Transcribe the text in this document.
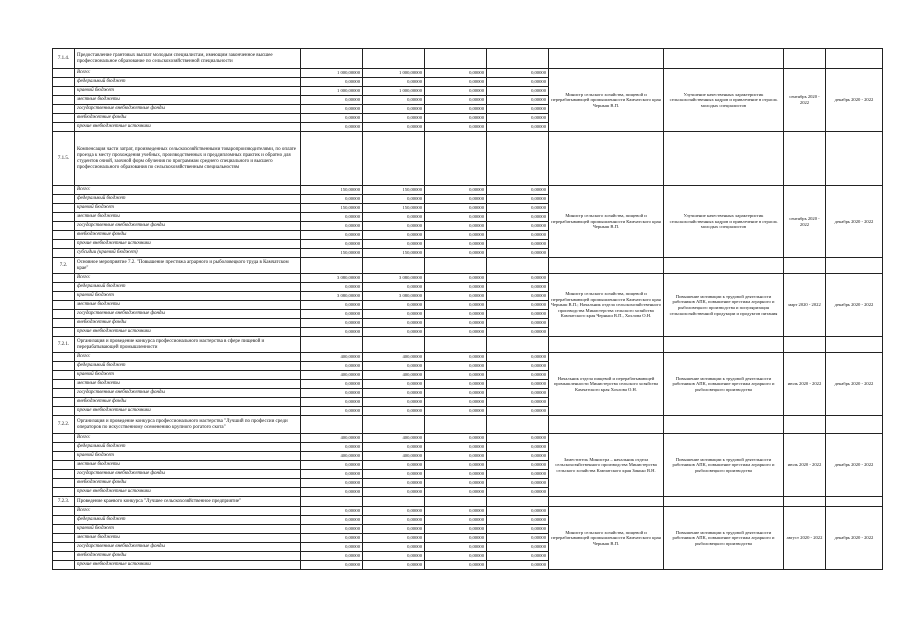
7.1.4.	Предоставление грантовых выплат молодым специалистам, имеющим законченное высшее профессиональное образование по сельскохозяйственной специальности								
	Всего:	1 000,00000	1 000,00000	0,00000	0,00000	Министр сельского хозяйства, пищевой и перерабатывающей промышленности Камчатского края Черныш В.П.	Улучшение качественных характеристик сельскохозяйственных кадров и привлечение в отрасль молодых специалистов	сентябрь 2020 - 2022	декабрь 2020 - 2022
	федеральный бюджет	0,00000	0,00000	0,00000	0,00000				
	краевой бюджет	1 000,00000	1 000,00000	0,00000	0,00000				
	местные бюджеты	0,00000	0,00000	0,00000	0,00000				
	государственные внебюджетные фонды	0,00000	0,00000	0,00000	0,00000				
	внебюджетные фонды	0,00000	0,00000	0,00000	0,00000				
	прочие внебюджетные источники	0,00000	0,00000	0,00000	0,00000				
7.1.5.	Компенсация части затрат, произведенных сельскохозяйственными товаропроизводителями, по оплате проезда к месту прохождения учебных, производственных и преддипломных практик и обратно для студентов очной, заочной форм обучения по программам среднего специального и высшего профессионального образования по сельскохозяйственным специальностям								
	Всего:	150,00000	150,00000	0,00000	0,00000	Министр сельского хозяйства, пищевой и перерабатывающей промышленности Камчатского края Черныш В.П.	Улучшение качественных характеристик сельскохозяйственных кадров и привлечение в отрасль молодых специалистов	сентябрь 2020 - 2022	декабрь 2020 - 2022
	федеральный бюджет	0,00000	0,00000	0,00000	0,00000				
	краевой бюджет	150,00000	150,00000	0,00000	0,00000				
	местные бюджеты	0,00000	0,00000	0,00000	0,00000				
	государственные внебюджетные фонды	0,00000	0,00000	0,00000	0,00000				
	внебюджетные фонды	0,00000	0,00000	0,00000	0,00000				
	прочие внебюджетные источники	0,00000	0,00000	0,00000	0,00000				
	субсидии (краевой бюджет)	150,00000	150,00000	0,00000	0,00000				
7.2.	Основное мероприятие 7.2. "Повышение престижа аграрного и рыболовецкого труда в Камчатском крае"								
	Всего:	3 080,00000	3 080,00000	0,00000	0,00000	Министр сельского хозяйства, пищевой и перерабатывающей промышленности Камчатского края Черныш В.П.; Начальник отдела сельскохозяйственного производства Министерства сельского хозяйства Камчатского края Черныш В.П., Хохлова О.Н.	Повышение мотивации к трудовой деятельности работников АПК, повышение престижа аграрного и рыболовецкого производства и популяризация сельскохозяйственной продукции и продуктов питания	март 2020 - 2022	декабрь 2020 - 2022
	федеральный бюджет	0,00000	0,00000	0,00000	0,00000				
	краевой бюджет	3 080,00000	3 080,00000	0,00000	0,00000				
	местные бюджеты	0,00000	0,00000	0,00000	0,00000				
	государственные внебюджетные фонды	0,00000	0,00000	0,00000	0,00000				
	внебюджетные фонды	0,00000	0,00000	0,00000	0,00000				
	прочие внебюджетные источники	0,00000	0,00000	0,00000	0,00000				
7.2.1.	Организация и проведение конкурса профессионального мастерства в сфере пищевой и перерабатывающей промышленности								
	Всего:	400,00000	400,00000	0,00000	0,00000	Начальник отдела пищевой и перерабатывающей промышленности Министерства сельского хозяйства Камчатского края Хохлова О.Н.	Повышение мотивации к трудовой деятельности работников АПК, повышение престижа аграрного и рыболовецкого производства	июль 2020 - 2022	декабрь 2020 - 2022
	федеральный бюджет	0,00000	0,00000	0,00000	0,00000				
	краевой бюджет	400,00000	400,00000	0,00000	0,00000				
	местные бюджеты	0,00000	0,00000	0,00000	0,00000				
	государственные внебюджетные фонды	0,00000	0,00000	0,00000	0,00000				
	внебюджетные фонды	0,00000	0,00000	0,00000	0,00000				
	прочие внебюджетные источники	0,00000	0,00000	0,00000	0,00000				
7.2.2.	Организация и проведение конкурса профессионального мастерства "Лучший по профессии среди операторов по искусственному осеменению крупного рогатого скота"								
	Всего:	400,00000	400,00000	0,00000	0,00000	Заместитель Министра – начальник отдела сельскохозяйственного производства Министерства сельского хозяйства Камчатского края Зинько В.Н.	Повышение мотивации к трудовой деятельности работников АПК, повышение престижа аграрного и рыболовецкого производства	июль 2020 - 2022	декабрь 2020 - 2022
	федеральный бюджет	0,00000	0,00000	0,00000	0,00000				
	краевой бюджет	400,00000	400,00000	0,00000	0,00000				
	местные бюджеты	0,00000	0,00000	0,00000	0,00000				
	государственные внебюджетные фонды	0,00000	0,00000	0,00000	0,00000				
	внебюджетные фонды	0,00000	0,00000	0,00000	0,00000				
	прочие внебюджетные источники	0,00000	0,00000	0,00000	0,00000				
7.2.3.	Проведение краевого конкурса "Лучшее сельскохозяйственное предприятие"								
	Всего:	0,00000	0,00000	0,00000	0,00000	Министр сельского хозяйства, пищевой и перерабатывающей промышленности Камчатского края Черныш В.П.	Повышение мотивации к трудовой деятельности работников АПК, повышение престижа аграрного и рыболовецкого производства	август 2020 - 2022	декабрь 2020 - 2022
	федеральный бюджет	0,00000	0,00000	0,00000	0,00000				
	краевой бюджет	0,00000	0,00000	0,00000	0,00000				
	местные бюджеты	0,00000	0,00000	0,00000	0,00000				
	государственные внебюджетные фонды	0,00000	0,00000	0,00000	0,00000				
	внебюджетные фонды	0,00000	0,00000	0,00000	0,00000				
	прочие внебюджетные источники	0,00000	0,00000	0,00000	0,00000				
